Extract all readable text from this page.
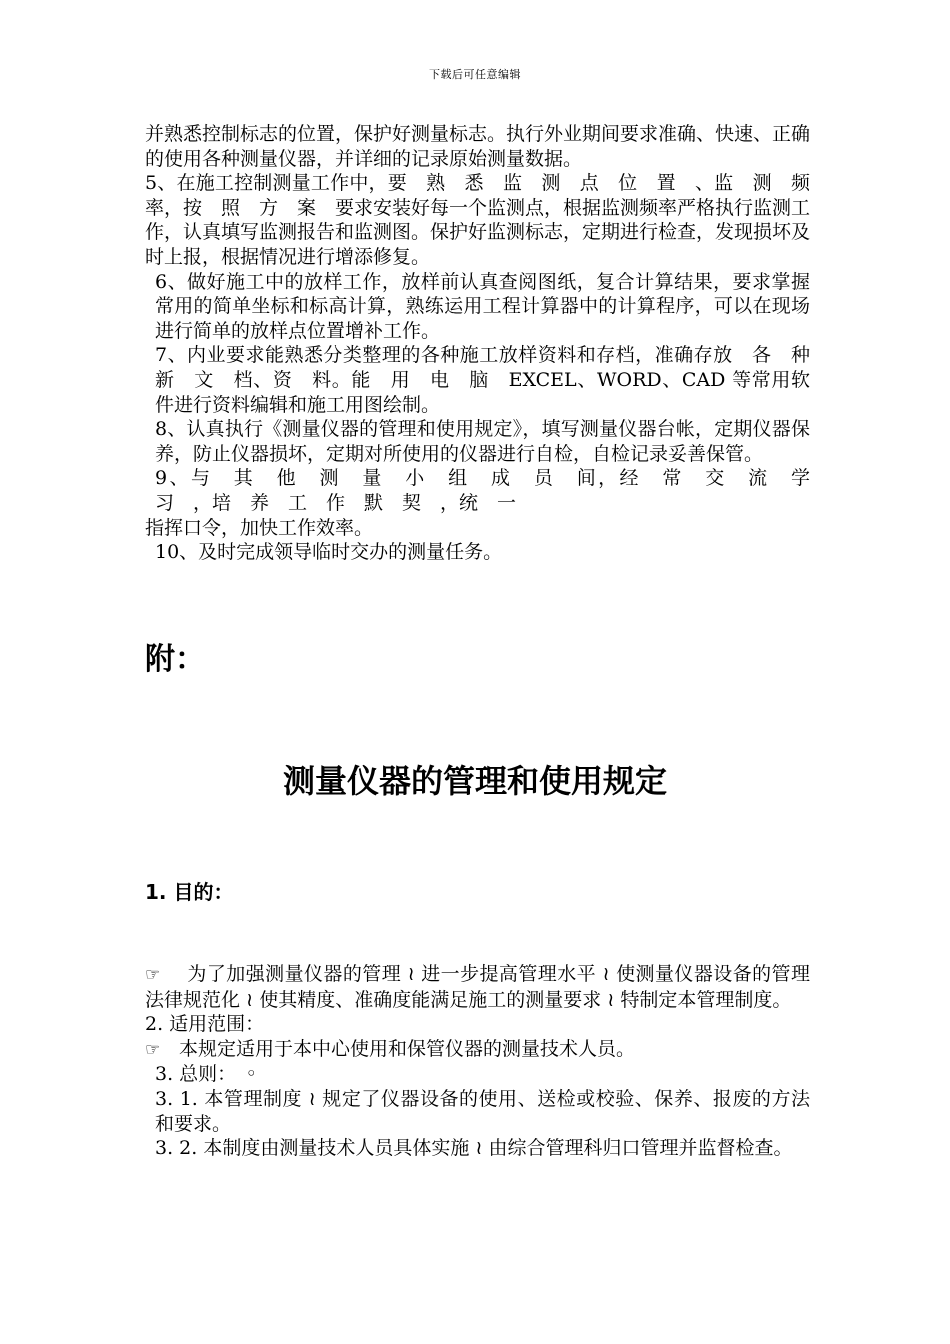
下载后可任意编辑

并熟悉控制标志的位置，保护好测量标志。执行外业期间要求准确、快速、正确的使用各种测量仪器，并详细的记录原始测量数据。

5、在施工控制测量工作中，要　熟　悉　监　测　点　位　置　、监　测　频　率，按　照　方　案　要求安装好每一个监测点，根据监测频率严格执行监测工作，认真填写监测报告和监测图。保护好监测标志，定期进行检查，发现损坏及时上报，根据情况进行增添修复。

6、做好施工中的放样工作，放样前认真查阅图纸，复合计算结果，要求掌握常用的简单坐标和标高计算，熟练运用工程计算器中的计算程序，可以在现场进行简单的放样点位置增补工作。

7、内业要求能熟悉分类整理的各种施工放样资料和存档，准确存放　各　种　新　文　档、资　料。能　用　电　脑　EXCEL、WORD、CAD 等常用软件进行资料编辑和施工用图绘制。

8、认真执行《测量仪器的管理和使用规定》，填写测量仪器台帐，定期仪器保养，防止仪器损坏，定期对所使用的仪器进行自检，自检记录妥善保管。

9、与　其　他　测　量　小　组　成　员　间，经　常　交　流　学　习　，培　养　工　作　默　契　，统　一

指挥口令，加快工作效率。

10、及时完成领导临时交办的测量任务。

附：

测量仪器的管理和使用规定

1. 目的：

☞ 为了加强测量仪器的管理 ≀ 进一步提高管理水平 ≀ 使测量仪器设备的管理法律规范化 ≀ 使其精度、准确度能满足施工的测量要求 ≀ 特制定本管理制度。

2. 适用范围：

☞ 本规定适用于本中心使用和保管仪器的测量技术人员。

3. 总则：　◦

3. 1. 本管理制度 ≀ 规定了仪器设备的使用、送检或校验、保养、报废的方法和要求。

3. 2. 本制度由测量技术人员具体实施 ≀ 由综合管理科归口管理并监督检查。
